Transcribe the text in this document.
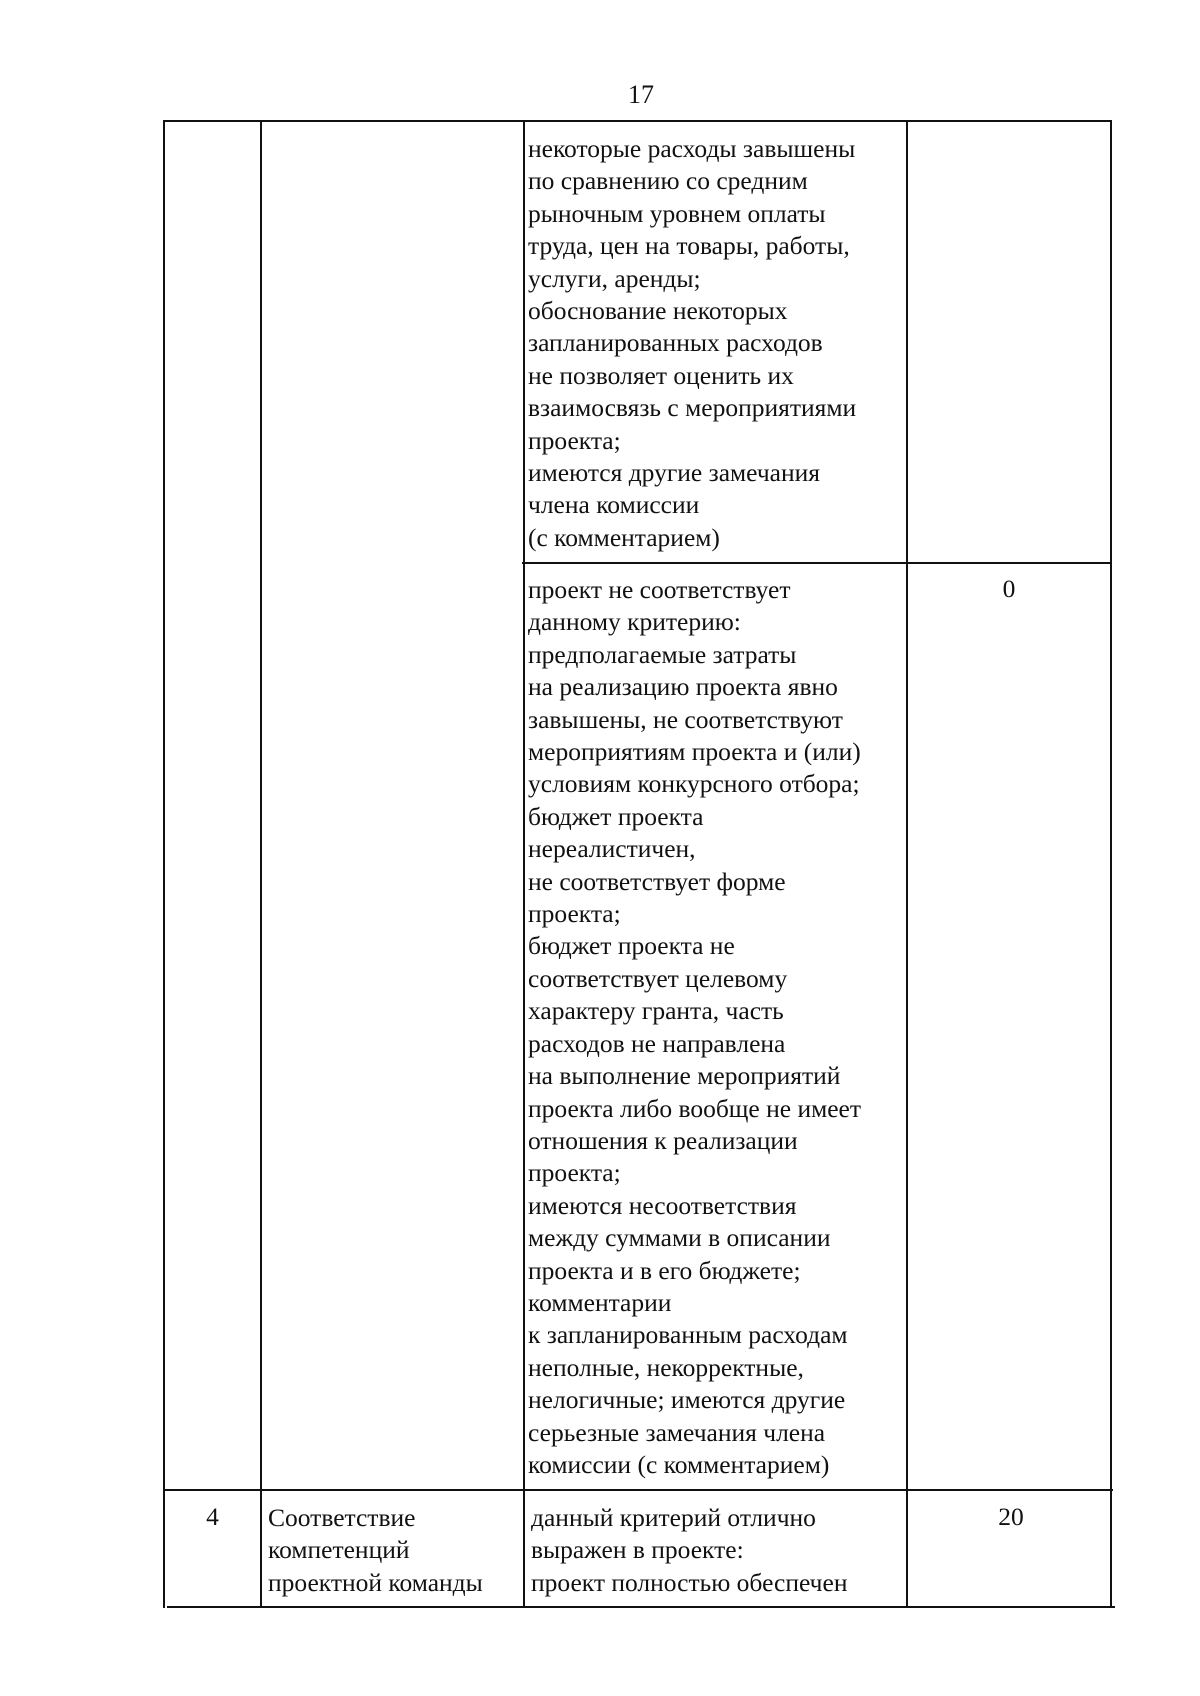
17
некоторые расходы завышены
по сравнению со средним
рыночным уровнем оплаты
труда, цен на товары, работы,
услуги, аренды;
обоснование некоторых
запланированных расходов
не позволяет оценить их
взаимосвязь с мероприятиями
проекта;
имеются другие замечания
члена комиссии
(с комментарием)
проект не соответствует
данному критерию:
предполагаемые затраты
на реализацию проекта явно
завышены, не соответствуют
мероприятиям проекта и (или)
условиям конкурсного отбора;
бюджет проекта
нереалистичен,
не соответствует форме
проекта;
бюджет проекта не
соответствует целевому
характеру гранта, часть
расходов не направлена
на выполнение мероприятий
проекта либо вообще не имеет
отношения к реализации
проекта;
имеются несоответствия
между суммами в описании
проекта и в его бюджете;
комментарии
к запланированным расходам
неполные, некорректные,
нелогичные; имеются другие
серьезные замечания члена
комиссии (с комментарием)
0
4	Соответствие
компетенций
проектной команды
данный критерий отлично
выражен в проекте:
проект полностью обеспечен
20
